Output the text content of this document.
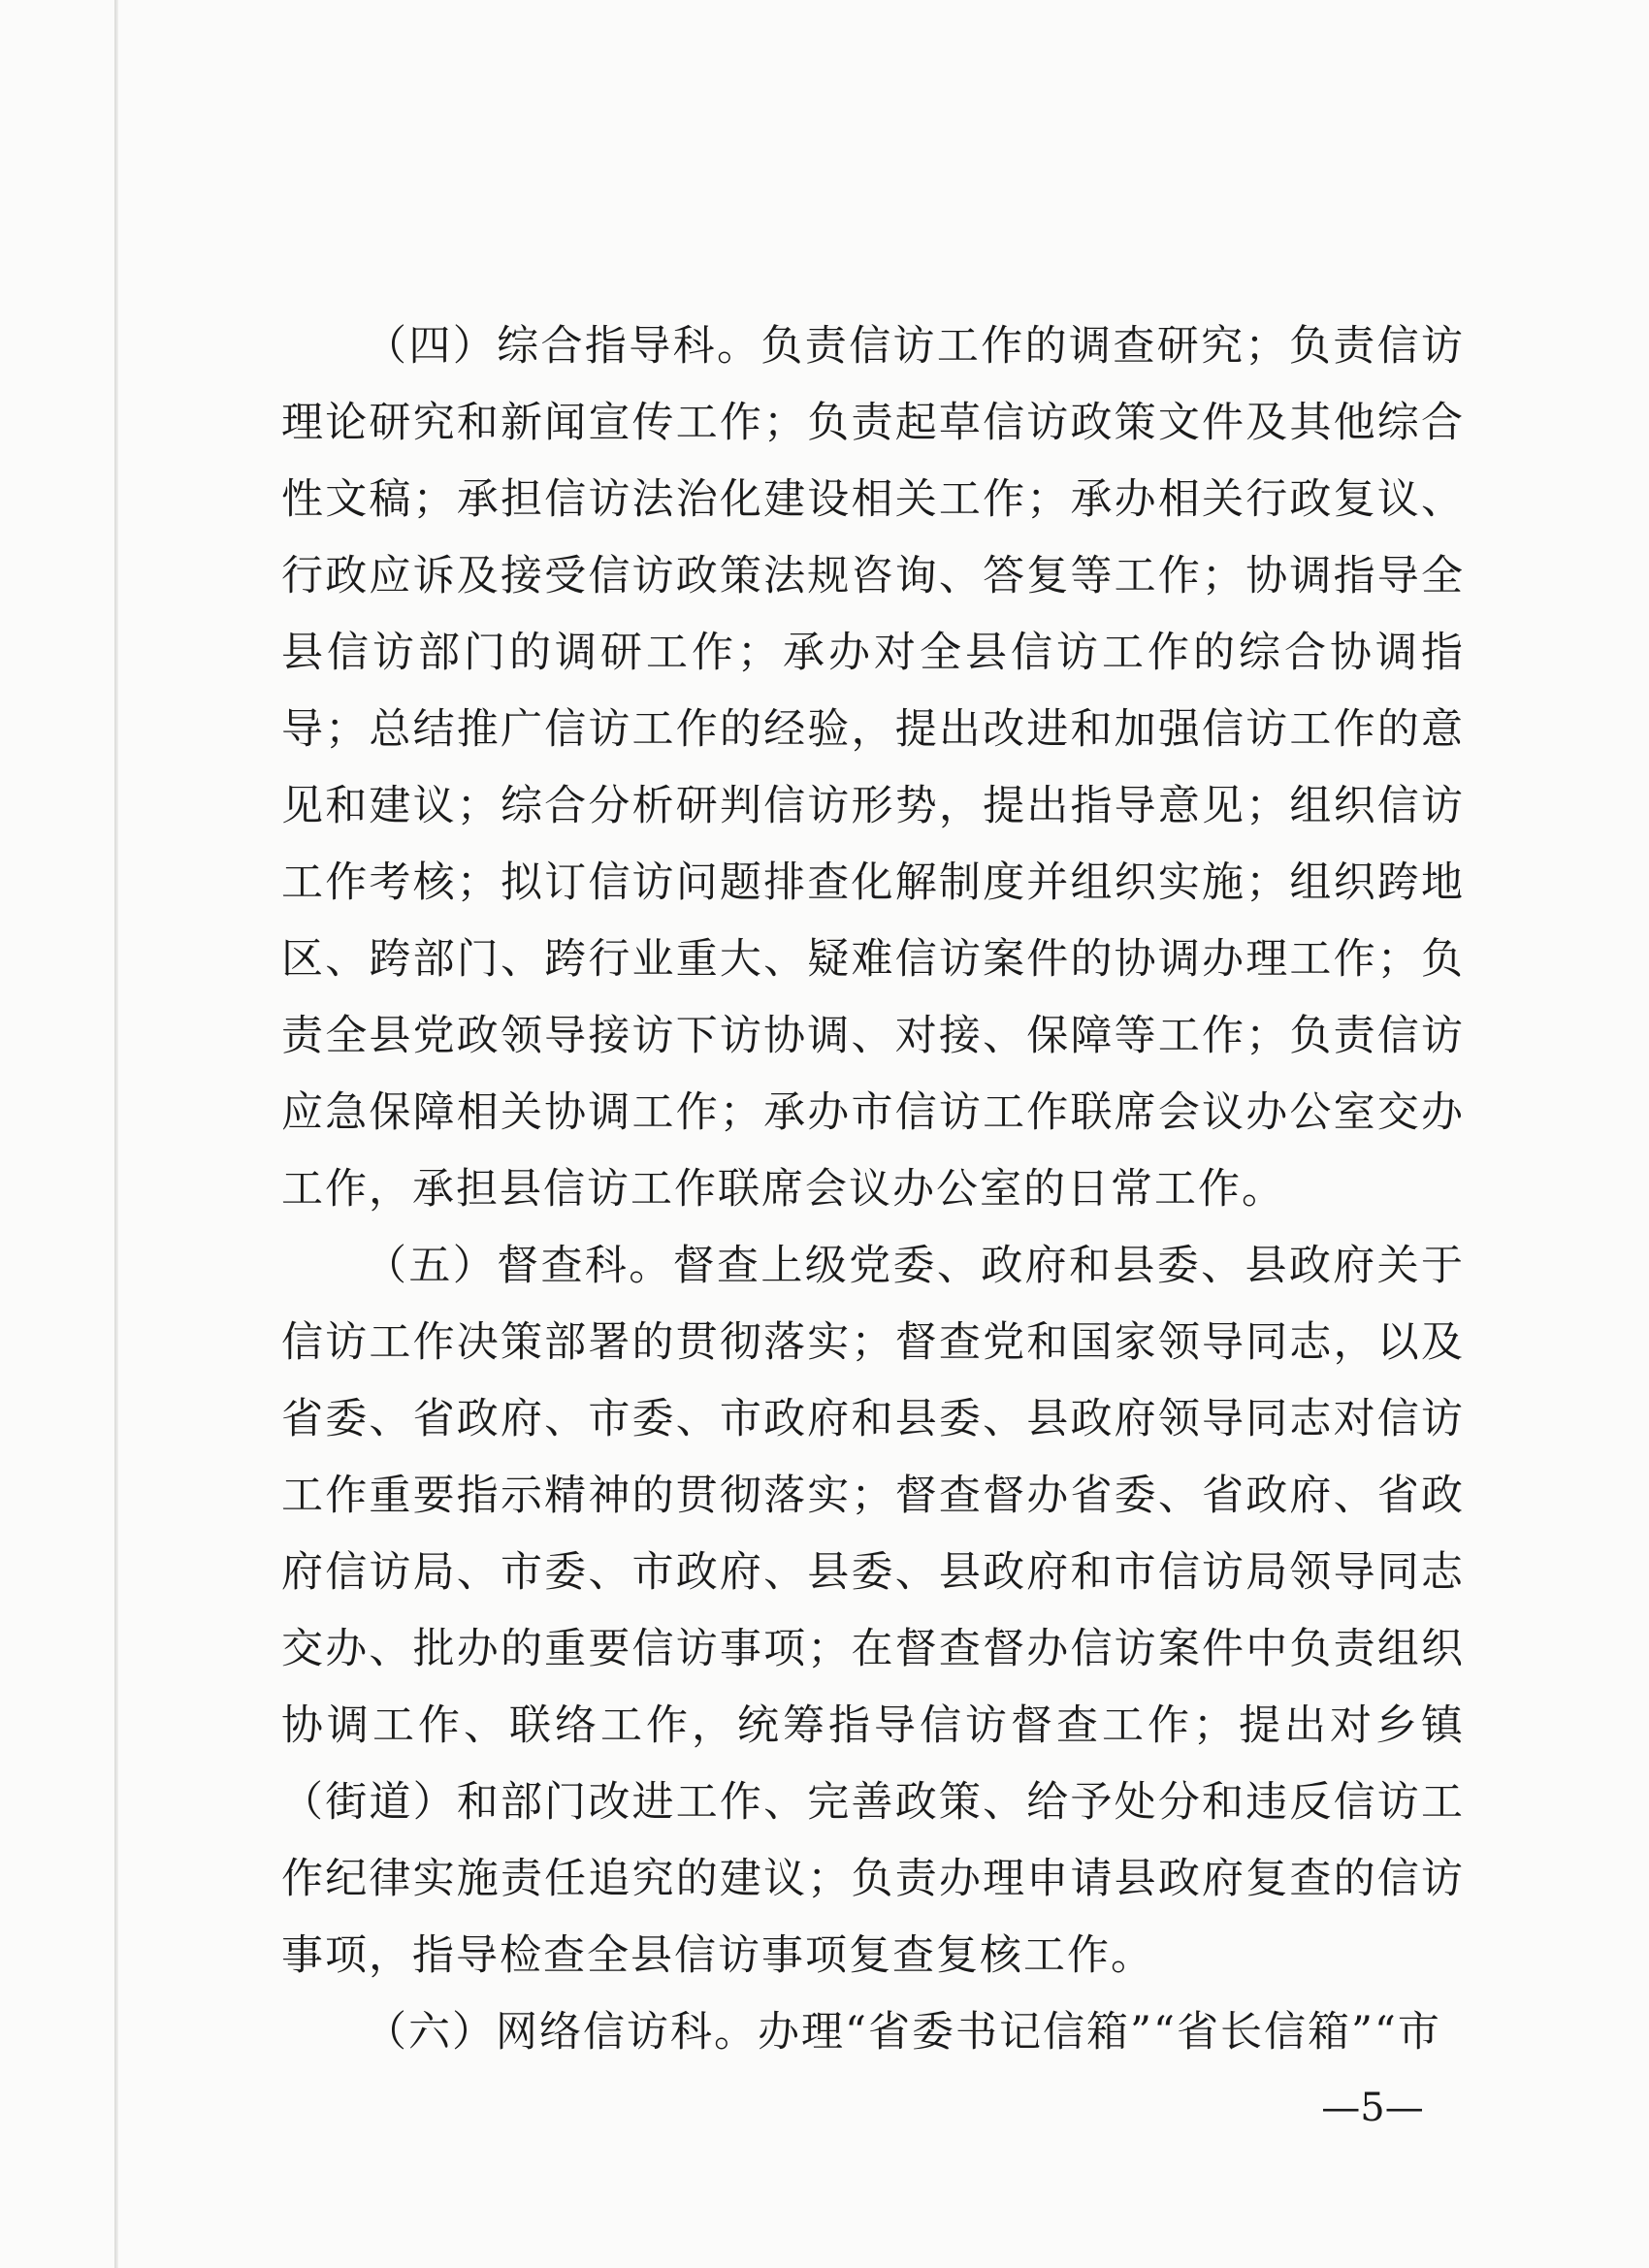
（四）综合指导科。负责信访工作的调查研究；负责信访理论研究和新闻宣传工作；负责起草信访政策文件及其他综合性文稿；承担信访法治化建设相关工作；承办相关行政复议、行政应诉及接受信访政策法规咨询、答复等工作；协调指导全县信访部门的调研工作；承办对全县信访工作的综合协调指导；总结推广信访工作的经验，提出改进和加强信访工作的意见和建议；综合分析研判信访形势，提出指导意见；组织信访工作考核；拟订信访问题排查化解制度并组织实施；组织跨地区、跨部门、跨行业重大、疑难信访案件的协调办理工作；负责全县党政领导接访下访协调、对接、保障等工作；负责信访应急保障相关协调工作；承办市信访工作联席会议办公室交办工作，承担县信访工作联席会议办公室的日常工作。

（五）督查科。督查上级党委、政府和县委、县政府关于信访工作决策部署的贯彻落实；督查党和国家领导同志，以及省委、省政府、市委、市政府和县委、县政府领导同志对信访工作重要指示精神的贯彻落实；督查督办省委、省政府、省政府信访局、市委、市政府、县委、县政府和市信访局领导同志交办、批办的重要信访事项；在督查督办信访案件中负责组织协调工作、联络工作，统筹指导信访督查工作；提出对乡镇（街道）和部门改进工作、完善政策、给予处分和违反信访工作纪律实施责任追究的建议；负责办理申请县政府复查的信访事项，指导检查全县信访事项复查复核工作。

（六）网络信访科。办理“省委书记信箱”“省长信箱”“市

—5—
